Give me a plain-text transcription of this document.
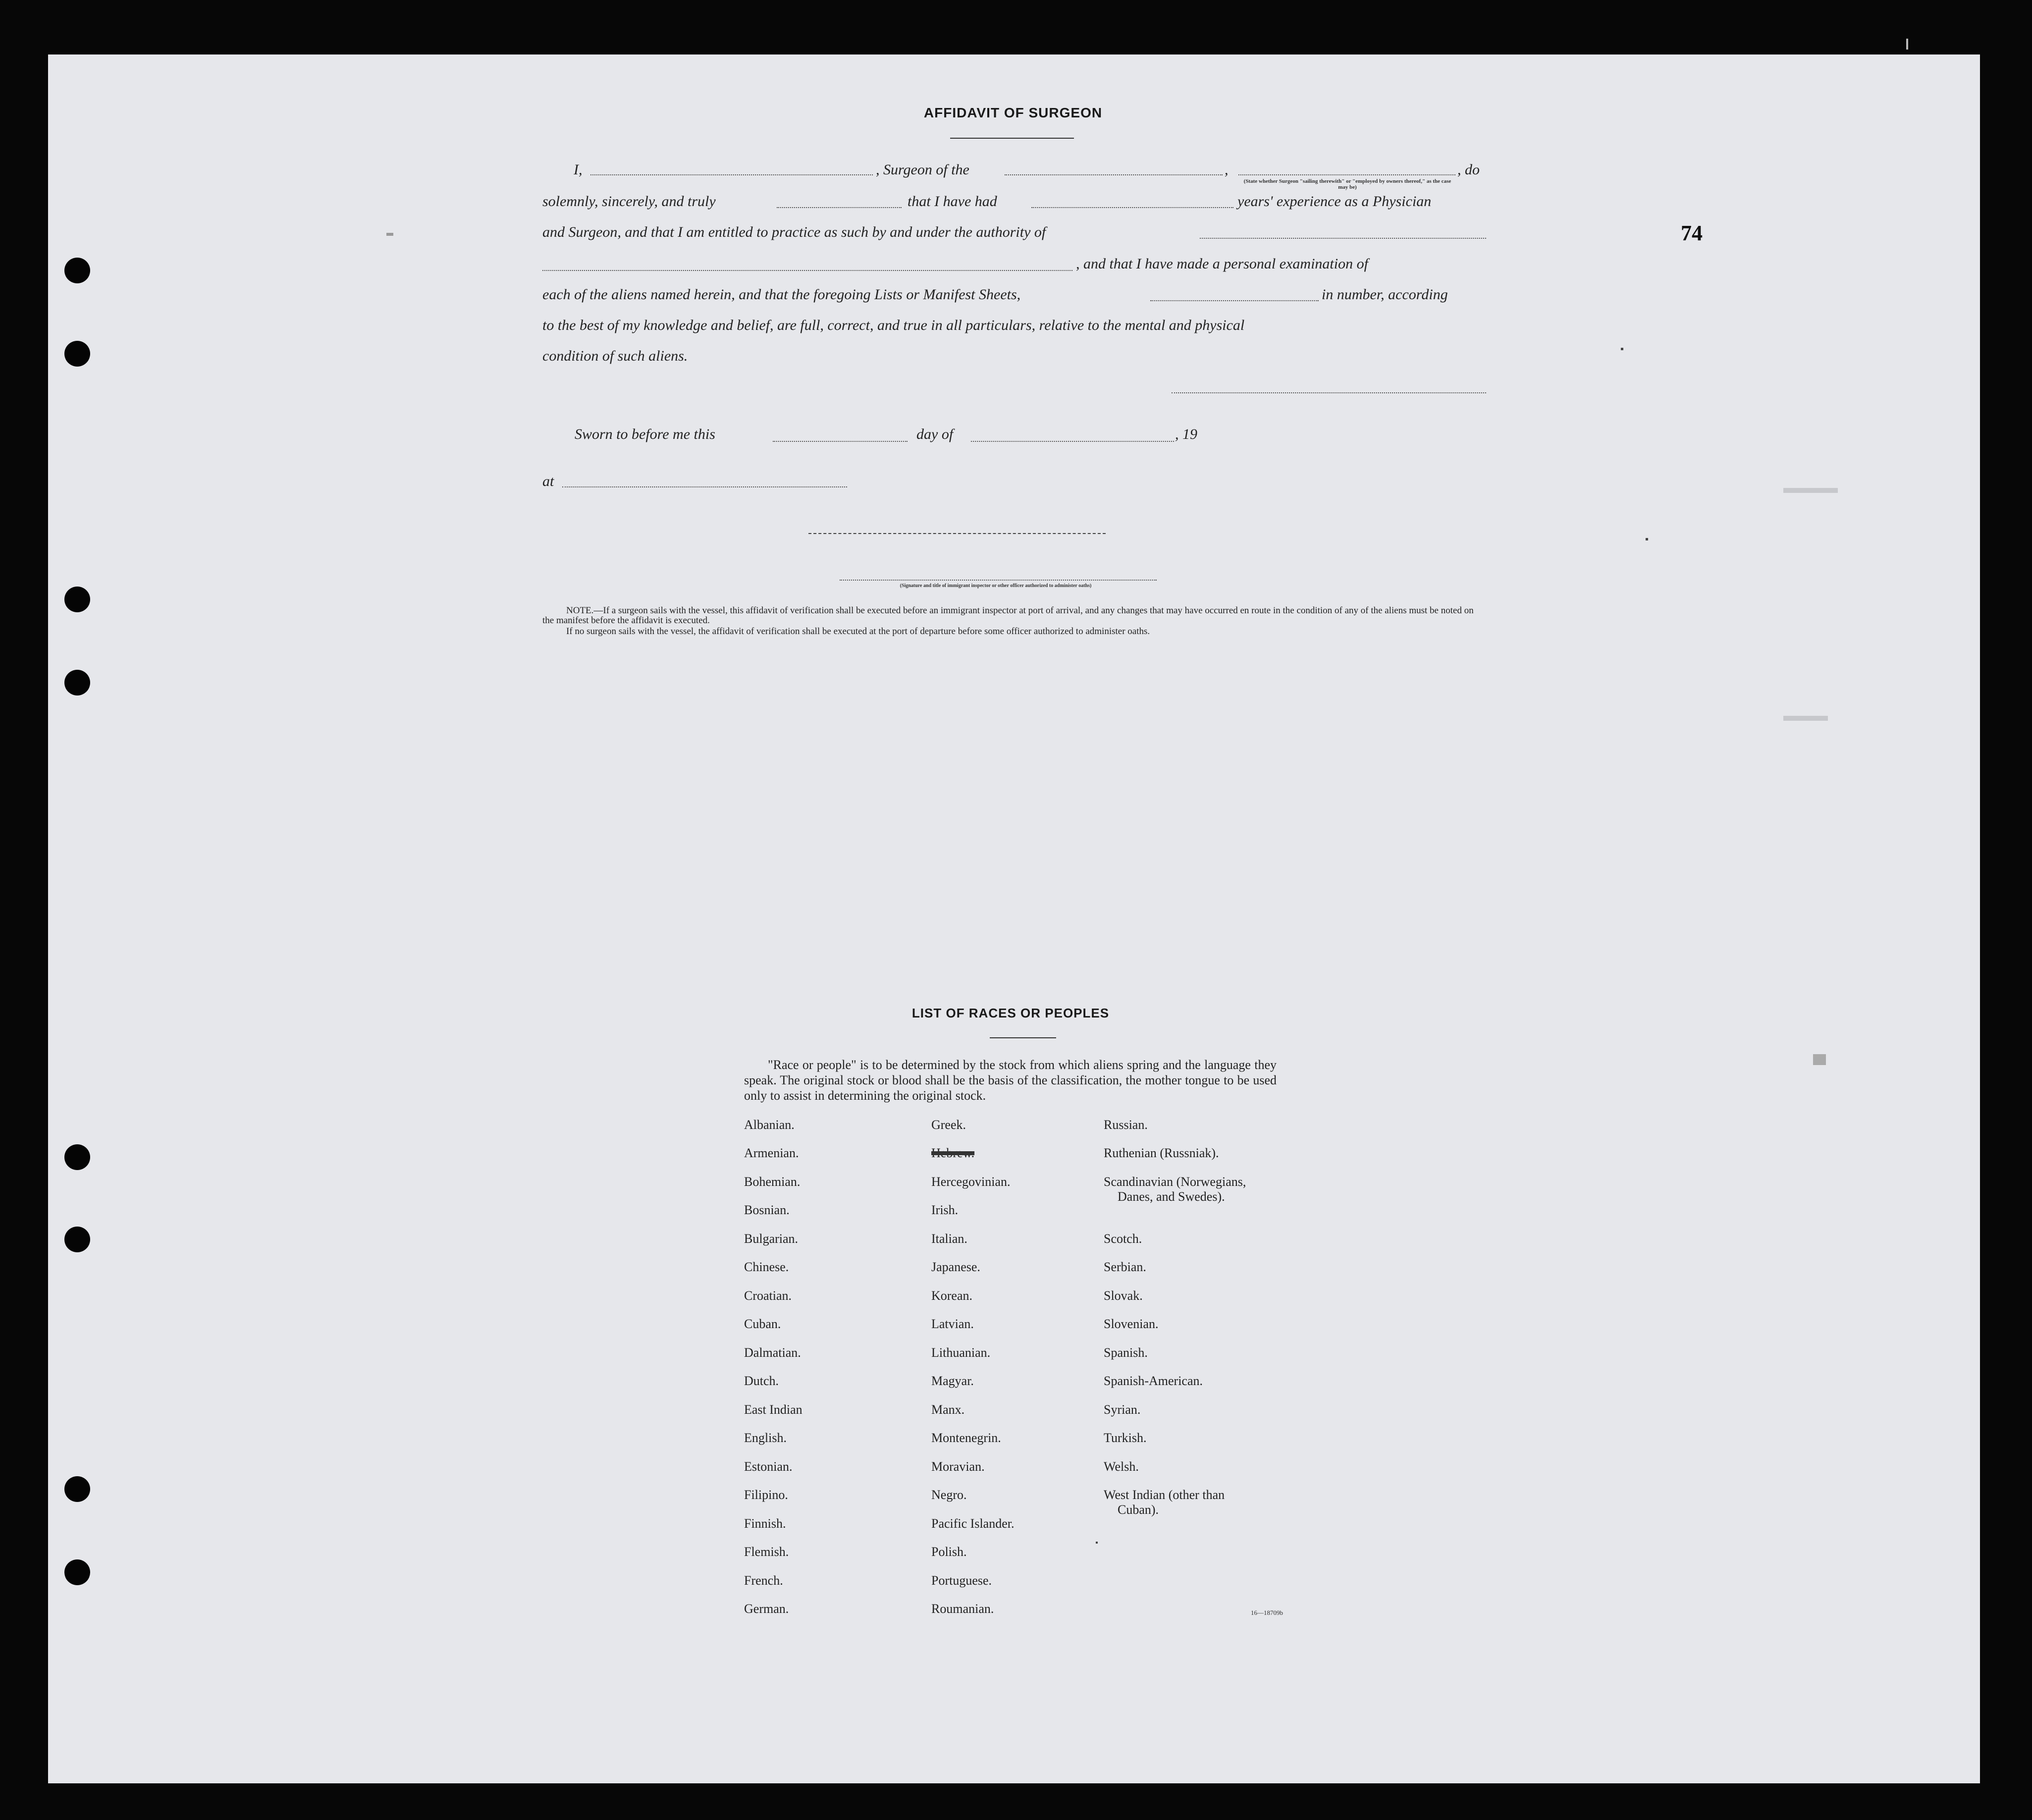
74
AFFIDAVIT OF SURGEON
I,	, Surgeon of the	,	, do
(State whether Surgeon "sailing therewith" or "employed by owners thereof," as the case may be)
solemnly, sincerely, and truly	that I have had	years' experience as a Physician
and Surgeon, and that I am entitled to practice as such by and under the authority of
, and that I have made a personal examination of
each of the aliens named herein, and that the foregoing Lists or Manifest Sheets,	in number, according
to the best of my knowledge and belief, are full, correct, and true in all particulars, relative to the mental and physical
condition of such aliens.
Sworn to before me this	day of	, 19
at
(Signature and title of immigrant inspector or other officer authorized to administer oaths)
NOTE.—If a surgeon sails with the vessel, this affidavit of verification shall be executed before an immigrant inspector at port of arrival, and any changes that may have occurred en route in the condition of any of the aliens must be noted on the manifest before the affidavit is executed.
If no surgeon sails with the vessel, the affidavit of verification shall be executed at the port of departure before some officer authorized to administer oaths.
LIST OF RACES OR PEOPLES
"Race or people" is to be determined by the stock from which aliens spring and the language they speak. The original stock or blood shall be the basis of the classification, the mother tongue to be used only to assist in determining the original stock.
Albanian.
Armenian.
Bohemian.
Bosnian.
Bulgarian.
Chinese.
Croatian.
Cuban.
Dalmatian.
Dutch.
East Indian
English.
Estonian.
Filipino.
Finnish.
Flemish.
French.
German.
Greek.
Hebrew.
Hercegovinian.
Irish.
Italian.
Japanese.
Korean.
Latvian.
Lithuanian.
Magyar.
Manx.
Montenegrin.
Moravian.
Negro.
Pacific Islander.
Polish.
Portuguese.
Roumanian.
Russian.
Ruthenian (Russniak).
Scandinavian (Norwegians,
Danes, and Swedes).
Scotch.
Serbian.
Slovak.
Slovenian.
Spanish.
Spanish-American.
Syrian.
Turkish.
Welsh.
West Indian (other than
Cuban).
16—18709b
